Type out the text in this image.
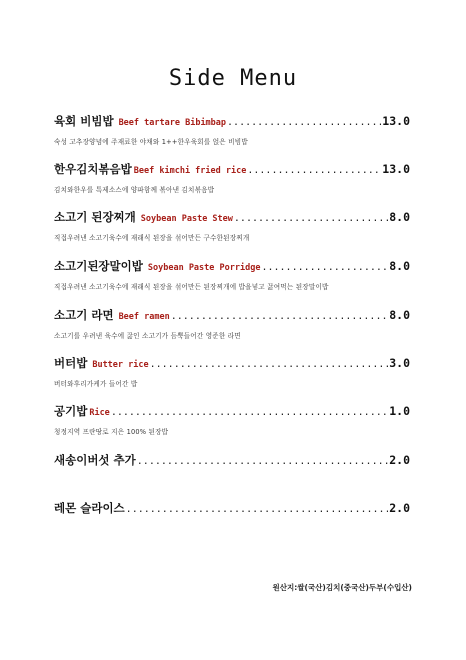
Side Menu
육회 비빔밥 Beef tartare Bibimbap .....	13.0
숙성 고추장양념에 주재료한 야채와 1++한우육회를 얹은 비빔밥
한우김치볶음밥 Beef kimchi fried rice .....	13.0
김치와한우를 특제소스에 양파함께 볶아낸 김치볶음밥
소고기 된장찌개 Soybean Paste Stew .....	8.0
직접우려낸 소고기육수에 재래식 된장을 섞어만든 구수한된장찌개
소고기된장말이밥 Soybean Paste Porridge .....	8.0
직접우려낸 소고기육수에 재래식 된장을 섞어만든 된장찌개에 밥을넣고 끓여먹는 된장말이밥
소고기 라면 Beef ramen .....	8.0
소고기를 우려낸 육수에 끓인 소고기가 듬뿍들어간 영준한 라면
버터밥 Butter rice .....	3.0
버터와후리가케가 들어간 밥
공기밥 Rice .....	1.0
청정지역 프란땅로 지은 100% 된장밥
새송이버섯 추가 .....	2.0
레몬 슬라이스 .....	2.0
원산지:쌀(국산)김치(중국산)두부(수입산)
